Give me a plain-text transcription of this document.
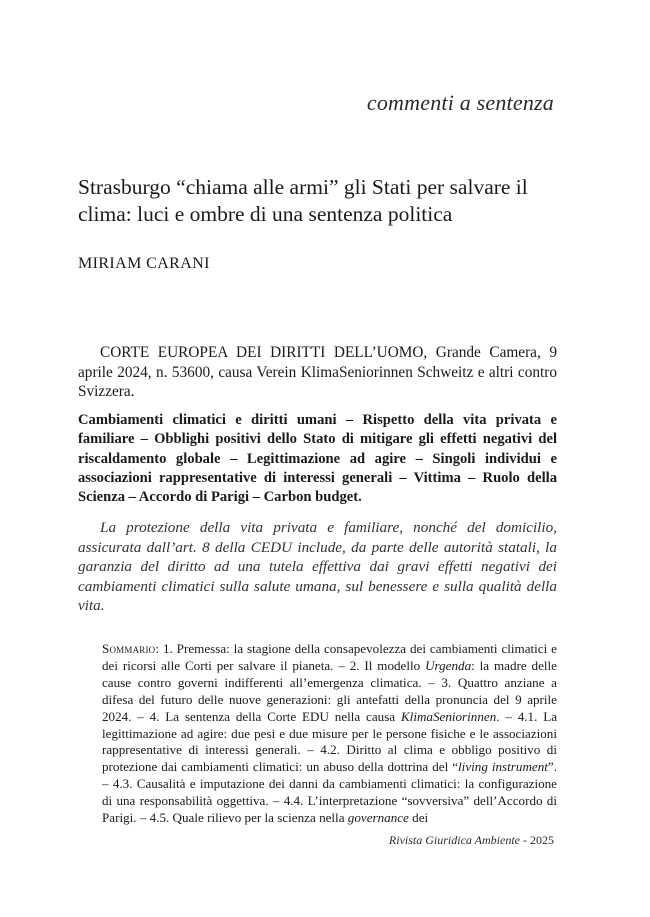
commenti a sentenza
Strasburgo “chiama alle armi” gli Stati per salvare il clima: luci e ombre di una sentenza politica
MIRIAM CARANI

CORTE EUROPEA DEI DIRITTI DELL’UOMO, Grande Camera, 9 aprile 2024, n. 53600, causa Verein KlimaSeniorinnen Schweitz e altri contro Svizzera.

Cambiamenti climatici e diritti umani – Rispetto della vita privata e familiare – Obblighi positivi dello Stato di mitigare gli effetti negativi del riscaldamento globale – Legittimazione ad agire – Singoli individui e associazioni rappresentative di interessi generali – Vittima – Ruolo della Scienza – Accordo di Parigi – Carbon budget.

La protezione della vita privata e familiare, nonché del domicilio, assicurata dall’art. 8 della CEDU include, da parte delle autorità statali, la garanzia del diritto ad una tutela effettiva dai gravi effetti negativi dei cambiamenti climatici sulla salute umana, sul benessere e sulla qualità della vita.

Sommario: 1. Premessa: la stagione della consapevolezza dei cambiamenti climatici e dei ricorsi alle Corti per salvare il pianeta. – 2. Il modello Urgenda: la madre delle cause contro governi indifferenti all’emergenza climatica. – 3. Quattro anziane a difesa del futuro delle nuove generazioni: gli antefatti della pronuncia del 9 aprile 2024. – 4. La sentenza della Corte EDU nella causa KlimaSeniorinnen. – 4.1. La legittimazione ad agire: due pesi e due misure per le persone fisiche e le associazioni rappresentative di interessi generali. – 4.2. Diritto al clima e obbligo positivo di protezione dai cambiamenti climatici: un abuso della dottrina del “living instrument”. – 4.3. Causalità e imputazione dei danni da cambiamenti climatici: la configurazione di una responsabilità oggettiva. – 4.4. L’interpretazione “sovversiva” dell’Accordo di Parigi. – 4.5. Quale rilievo per la scienza nella governance dei

Rivista Giuridica Ambiente - 2025
